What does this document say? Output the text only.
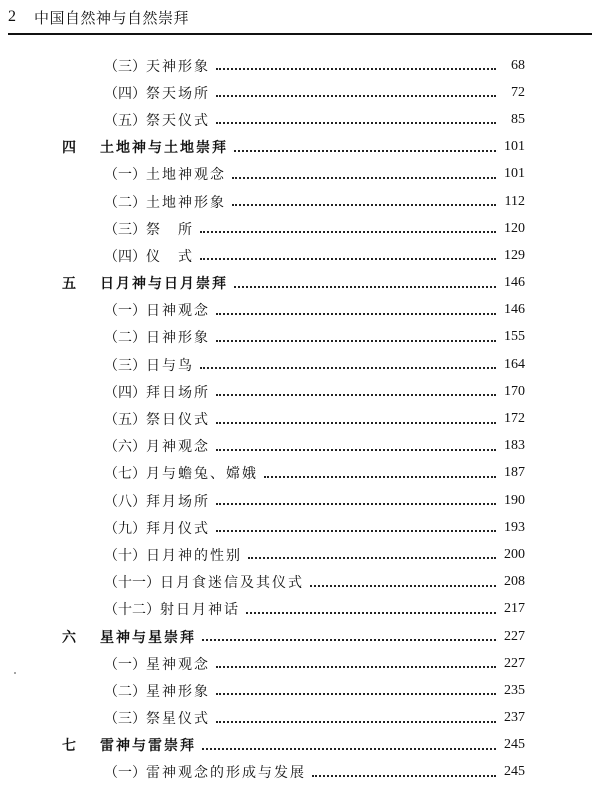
2	中国自然神与自然崇拜
（三） 天神形象	68
（四） 祭天场所	72
（五） 祭天仪式	85
四	土地神与土地崇拜	101
（一） 土地神观念	101
（二） 土地神形象	112
（三） 祭　所	120
（四） 仪　式	129
五	日月神与日月崇拜	146
（一） 日神观念	146
（二） 日神形象	155
（三） 日与鸟	164
（四） 拜日场所	170
（五） 祭日仪式	172
（六） 月神观念	183
（七） 月与蟾兔、嫦娥	187
（八） 拜月场所	190
（九） 拜月仪式	193
（十） 日月神的性别	200
（十一） 日月食迷信及其仪式	208
（十二） 射日月神话	217
六	星神与星崇拜	227
（一） 星神观念	227
（二） 星神形象	235
（三） 祭星仪式	237
七	雷神与雷崇拜	245
（一） 雷神观念的形成与发展	245
